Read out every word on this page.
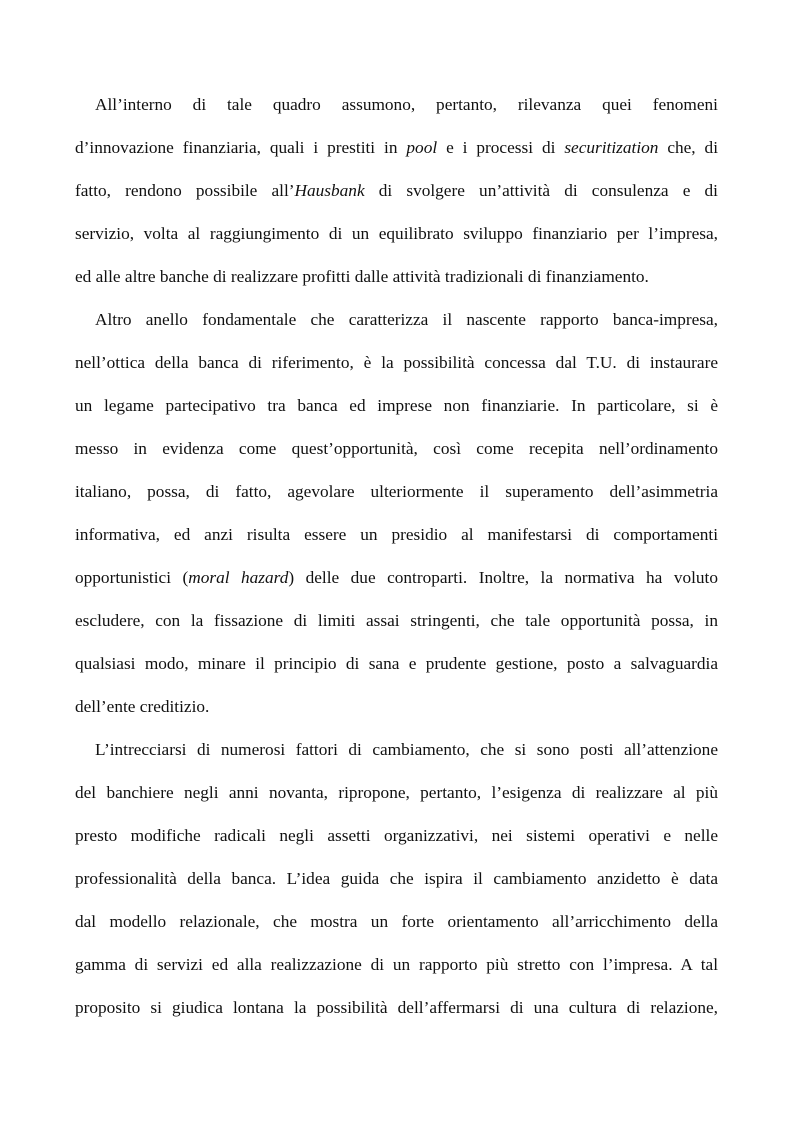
All’interno di tale quadro assumono, pertanto, rilevanza quei fenomeni
d’innovazione finanziaria, quali i prestiti in pool e i processi di securitization che, di
fatto, rendono possibile all’Hausbank di svolgere un’attività di consulenza e di
servizio, volta al raggiungimento di un equilibrato sviluppo finanziario per l’impresa,
ed alle altre banche di realizzare profitti dalle attività tradizionali di finanziamento.
Altro anello fondamentale che caratterizza il nascente rapporto banca-impresa,
nell’ottica della banca di riferimento, è la possibilità concessa dal T.U. di instaurare
un legame partecipativo tra banca ed imprese non finanziarie. In particolare, si è
messo in evidenza come quest’opportunità, così come recepita nell’ordinamento
italiano, possa, di fatto, agevolare ulteriormente il superamento dell’asimmetria
informativa, ed anzi risulta essere un presidio al manifestarsi di comportamenti
opportunistici (moral hazard) delle due controparti. Inoltre, la normativa ha voluto
escludere, con la fissazione di limiti assai stringenti, che tale opportunità possa, in
qualsiasi modo, minare il principio di sana e prudente gestione, posto a salvaguardia
dell’ente creditizio.
L’intrecciarsi di numerosi fattori di cambiamento, che si sono posti all’attenzione
del banchiere negli anni novanta, ripropone, pertanto, l’esigenza di realizzare al più
presto modifiche radicali negli assetti organizzativi, nei sistemi operativi e nelle
professionalità della banca. L’idea guida che ispira il cambiamento anzidetto è data
dal modello relazionale, che mostra un forte orientamento all’arricchimento della
gamma di servizi ed alla realizzazione di un rapporto più stretto con l’impresa. A tal
proposito si giudica lontana la possibilità dell’affermarsi di una cultura di relazione,
